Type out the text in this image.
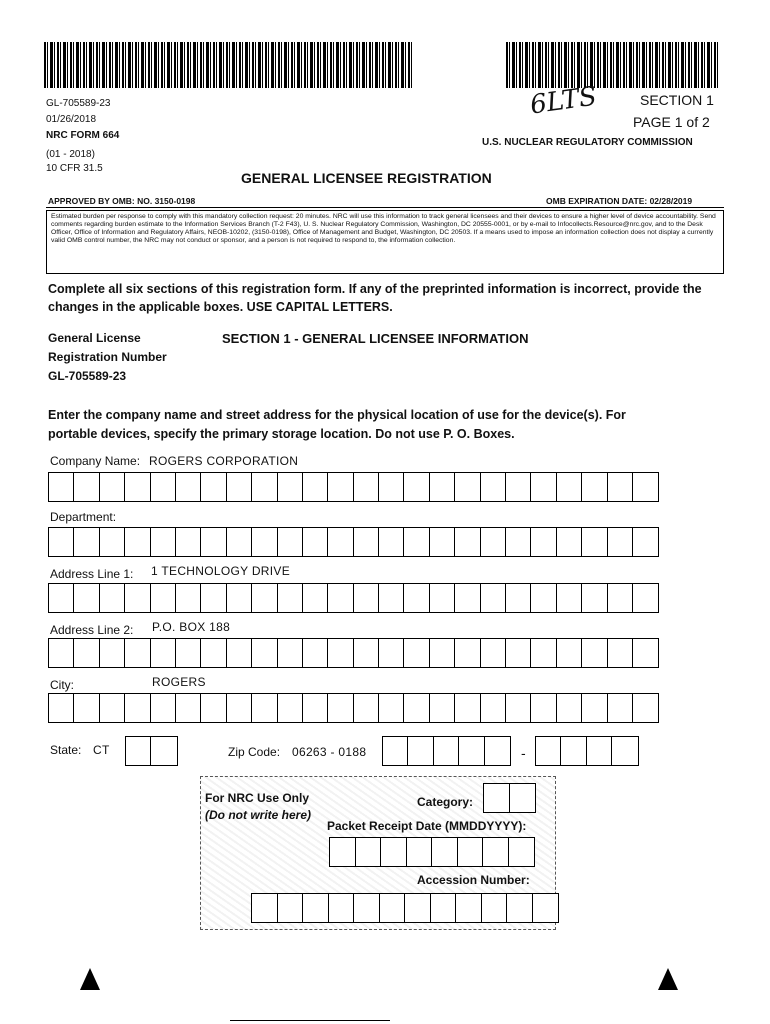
GL-705589-23
01/26/2018
NRC FORM 664
(01 - 2018)
10 CFR 31.5
6LTS	SECTION 1
PAGE 1 of 2
U.S. NUCLEAR REGULATORY COMMISSION
GENERAL LICENSEE REGISTRATION
APPROVED BY OMB: NO. 3150-0198	OMB EXPIRATION DATE: 02/28/2019
Estimated burden per response to comply with this mandatory collection request: 20 minutes. NRC will use this information to track general licensees and their devices to ensure a higher level of device accountability. Send comments regarding burden estimate to the Information Services Branch (T-2 F43), U. S. Nuclear Regulatory Commission, Washington, DC 20555-0001, or by e-mail to Infocollects.Resource@nrc.gov, and to the Desk Officer, Office of Information and Regulatory Affairs, NEOB-10202, (3150-0198), Office of Management and Budget, Washington, DC 20503. If a means used to impose an information collection does not display a currently valid OMB control number, the NRC may not conduct or sponsor, and a person is not required to respond to, the information collection.
Complete all six sections of this registration form. If any of the preprinted information is incorrect, provide the changes in the applicable boxes. USE CAPITAL LETTERS.
General License
Registration Number
GL-705589-23
SECTION 1 - GENERAL LICENSEE INFORMATION
Enter the company name and street address for the physical location of use for the device(s). For portable devices, specify the primary storage location. Do not use P. O. Boxes.
Company Name: ROGERS CORPORATION
Department:
Address Line 1: 1 TECHNOLOGY DRIVE
Address Line 2: P.O. BOX 188
City:	ROGERS
State: CT	Zip Code: 06263 - 0188	-
For NRC Use Only
(Do not write here)
Category:
Packet Receipt Date (MMDDYYYY):
Accession Number:
